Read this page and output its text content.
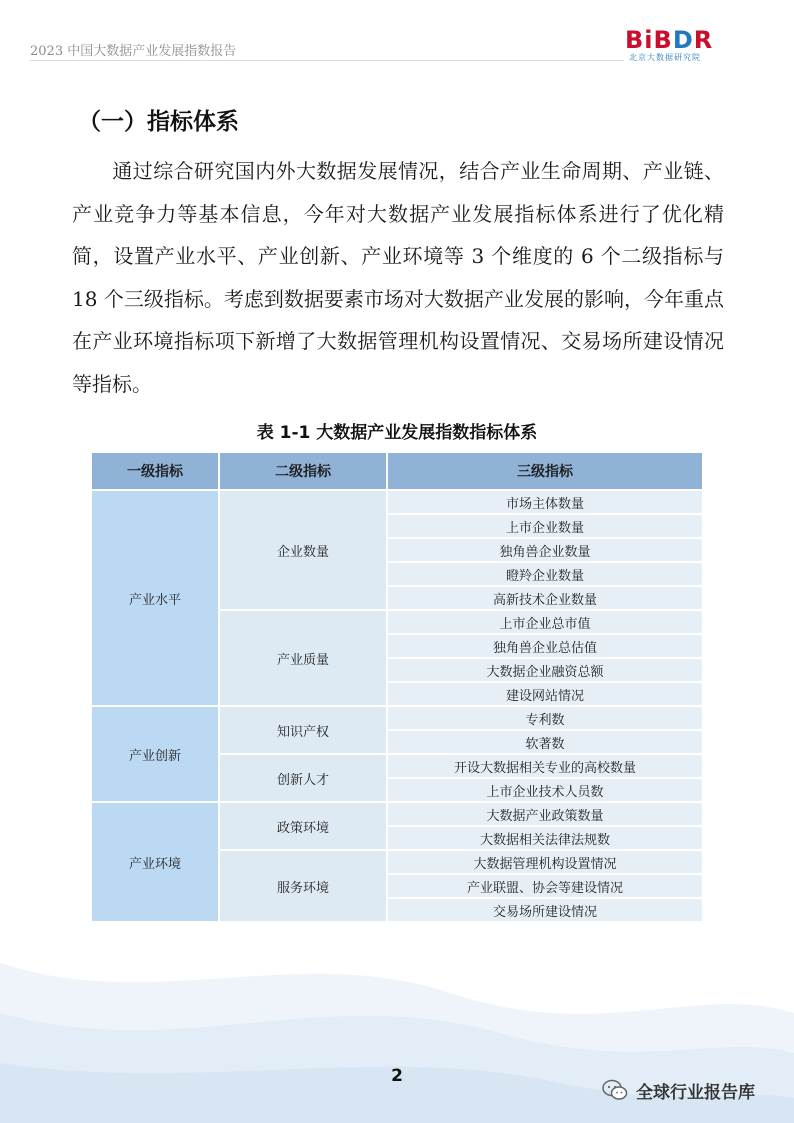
2023 中国大数据产业发展指数报告	BiBDR
北京大数据研究院
（一）指标体系
通过综合研究国内外大数据发展情况，结合产业生命周期、产业链、产业竞争力等基本信息，今年对大数据产业发展指标体系进行了优化精简，设置产业水平、产业创新、产业环境等 3 个维度的 6 个二级指标与 18 个三级指标。考虑到数据要素市场对大数据产业发展的影响，今年重点在产业环境指标项下新增了大数据管理机构设置情况、交易场所建设情况等指标。
表 1-1 大数据产业发展指数指标体系
一级指标	二级指标	三级指标
产业水平	企业数量	市场主体数量
		上市企业数量
		独角兽企业数量
		瞪羚企业数量
		高新技术企业数量
	产业质量	上市企业总市值
		独角兽企业总估值
		大数据企业融资总额
		建设网站情况
产业创新	知识产权	专利数
		软著数
	创新人才	开设大数据相关专业的高校数量
		上市企业技术人员数
产业环境	政策环境	大数据产业政策数量
		大数据相关法律法规数
	服务环境	大数据管理机构设置情况
		产业联盟、协会等建设情况
		交易场所建设情况
2
全球行业报告库
